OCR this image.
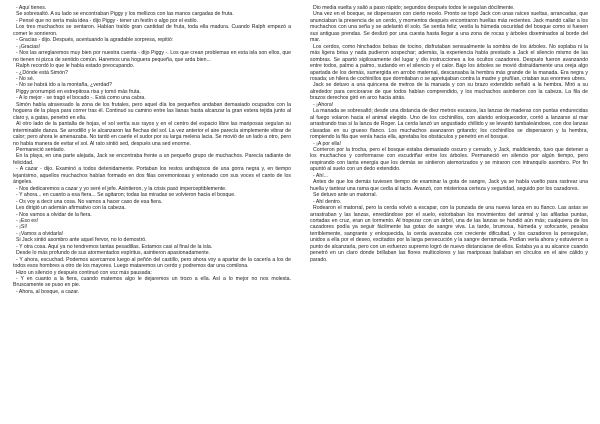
- Aquí tienes.

Se sobresaltó. A su lado se encontraban Piggy y los mellizos con las manos cargadas de fruta.

- Pensé que no sería mala idea - dijo Piggy - tener un festín o algo por el estilo.

Los tres muchachos se sentaron. Habían traído gran cantidad de fruta, toda ella madura. Cuando Ralph empezó a comer le sonrieron.

- Gracias - dijo. Después, acentuando la agradable sorpresa, repitió:

- ¡Gracias!

- Nos las arreglaremos muy bien por nuestra cuenta - dijo Piggy -. Los que crean problemas en esta isla son ellos, que no tienen ni pizca de sentido común. Haremos una hoguera pequeña, que arda bien...

Ralph recordó lo que le había estado preocupando.

- ¿Dónde está Simón?

- No sé.

- No se habrá ido a la montaña, ¿verdad?

Piggy prorrumpió en estrepitosa risa y tomó más fruta.

- A lo mejor - se tragó el bocado -. Está como una cabra.

Simón había atravesado la zona de los frutales, pero aquel día los pequeños andaban demasiado ocupados con la hoguera de la playa para correr tras él. Continuó su camino entre las lianas hasta alcanzar la gran estera tejida junto al claro y, a gatas, penetró en ella.

Al otro lado de la pantalla de hojas, el sol vertía sus rayos y en el centro del espacio libre las mariposas seguían su interminable danza. Se arrodilló y le alcanzaron las flechas del sol. La vez anterior el aire parecía simplemente vibrar de calor; pero ahora le amenazaba. No tardó en caerle el sudor por su larga melena lacia. Se movió de un lado a otro, pero no había manera de evitar el sol. Al rato sintió sed, después una sed enorme.

Permaneció sentado.

En la playa, en una parte alejada, Jack se encontraba frente a un pequeño grupo de muchachos. Parecía radiante de felicidad.

- A cazar - dijo. Examinó a todos detenidamente. Portaban los restos andrajosos de una gorra negra y, en tiempo lejanísimo, aquellos muchachos habían formado en dos filas ceremoniosas y entonado con sus voces el canto de los ángeles.

- Nos dedicaremos a cazar y yo seré el jefe. Asintieron, y la crisis pasó imperceptiblemente.

- Y ahora... en cuanto a esa fiera... Se agitaron; todas las miradas se volvieron hacia el bosque.

- Os voy a decir una cosa. No vamos a hacer caso de esa fiera.

Les dirigió un ademán afirmativo con la cabeza.

- Nos vamos a olvidar de la fiera.

- ¡Eso es!

- ¡Sí!

- ¡Vamos a olvidarla!

Si Jack sintió asombro ante aquel fervor, no lo demostró.

- Y otra cosa. Aquí ya no tendremos tantas pesadillas. Estamos casi al final de la isla.

Desde lo más profundo de sus atormentados espíritus, asintieron apasionadamente.

- Y ahora, escuchad. Podemos acercarnos luego al peñón del castillo, pero ahora voy a apartar de la cacería a los de todos esos hombres a otro de los mayores. Luego mataremos un cerdo y podremos dar una comilona.

Hizo un silencio y después continuó con voz más pausada:

- Y en cuanto a la fiera, cuando matemos algo le dejaremos un trozo a ella. Así a lo mejor no nos molesta. Bruscamente se puso en pie.

- Ahora, al bosque, a cazar.

Dio media vuelta y salió a paso rápido; segundos después todos le seguían dócilmente.

Una vez en el bosque, se dispersaron con cierto recelo. Pronto se topó Jack con unas raíces sueltas, arrancadas, que anunciaban la presencia de un cerdo, y momentos después encontraron huellas más recientes. Jack mandó callar a los muchachos con una seña y se adelantó él solo. Se sentía feliz; vestía la húmeda oscuridad del bosque como si fuesen sus antiguas prendas. Se deslizó por una cuesta hasta llegar a una zona de rocas y árboles diseminados al borde del mar.

Los cerdos, como hinchados bolsas de tocino, disfrutaban sensualmente la sombra de los árboles. No soplaba ni la más ligera brisa y nada pudieron sospechar; además, la experiencia había prestado a Jack el silencio mismo de las sombras. Se apartó sigilosamente del lugar y dio instrucciones a los ocultos cazadores. Después fueron avanzando entre todos, palmo a palmo, sudando en el silencio y el calor. Bajo los árboles se movió distraídamente una oreja algo apartada de los demás, sumergida en arrobo maternal, descansaba la hembra más grande de la manada. Era negra y rosada; un hilera de cochinillos que dormitaban o se apretujaban contra la madre y gruñían, criaban sus enormes ubres.

Jack se detuvo a una quincena de metros de la manada y con su brazo extendido señaló a la hembra. Miró a su alrededor para cerciorarse de que todos habían comprendido, y los muchachos asintieron con la cabeza. La fila de brazos derechos giró en arco hacia atrás.

- ¡Ahora!

La manada se sobresaltó; desde una distancia de diez metros escasos, las lanzas de maderas con puntas endurecidas al fuego volaron hacia el animal elegido. Uno de los cochinillos, con alarido enloquecedor, corrió a lanzarse al mar arrastrando tras sí la lanza de Roger. La cerda lanzó un angustiado chillido y se levantó tambaleándose, con dos lanzas clavadas en su grueso flanco. Los muchachos avanzaron gritando; los cochinillos se dispersaron y la hembra, rompiendo la fila que venía hacia ella, apretaba los obstáculos y penetró en el bosque.

- ¡A por ella!

Corrieron por la trocha, pero el bosque estaba demasiado oscuro y cerrado, y Jack, maldiciendo, tuvo que detener a los muchachos y conformarse con escudriñar entre los árboles. Permaneció en silencio por algún tiempo, pero respirando con tanta energía que los demás se sintieron atemorizados y se miraron con intranquilo asombro. Por fin apuntó al suelo con un dedo extendido.

- Ahí...

Antes de que los demás tuviesen tiempo de examinar la gota de sangre, Jack ya se había vuelto para rastrear una huella y tantear una rama que cedía al tacto. Avanzó, con misteriosa certeza y seguridad, seguido por los cazadores.

Se detuvo ante un matorral.

- Ahí dentro.

Rodearon el matorral, pero la cerda volvió a escapar, con la punzada de una nueva lanza en su flanco. Las astas se arrastraban y las lanzas, enredándose por el suelo, estorbaban los movimientos del animal y las afiladas puntas, cortadas en cruz, eran un tormento. Al tropezar con un árbol, una de las lanzas se hundió aún más; cualquiera de los cazadores podía ya seguir fácilmente las gotas de sangre viva. La tarde, brumosa, húmeda y sofocante, pesaba terriblemente, sangrante y enloquecida, la cerda avanzaba con creciente dificultad, y los cazadores la perseguían, unidos a ella por el deseo, excitados por la larga persecución y la sangre derramada. Podían verla ahora y estuvieron a punto de alcanzarla, pero con un esfuerzo supremo logró de nuevo distanciarse de ellos. Estaba ya a su alcance cuando penetró en un claro donde brillaban las flores multicolores y las mariposas bailaban en círculos en el aire cálido y parado.
